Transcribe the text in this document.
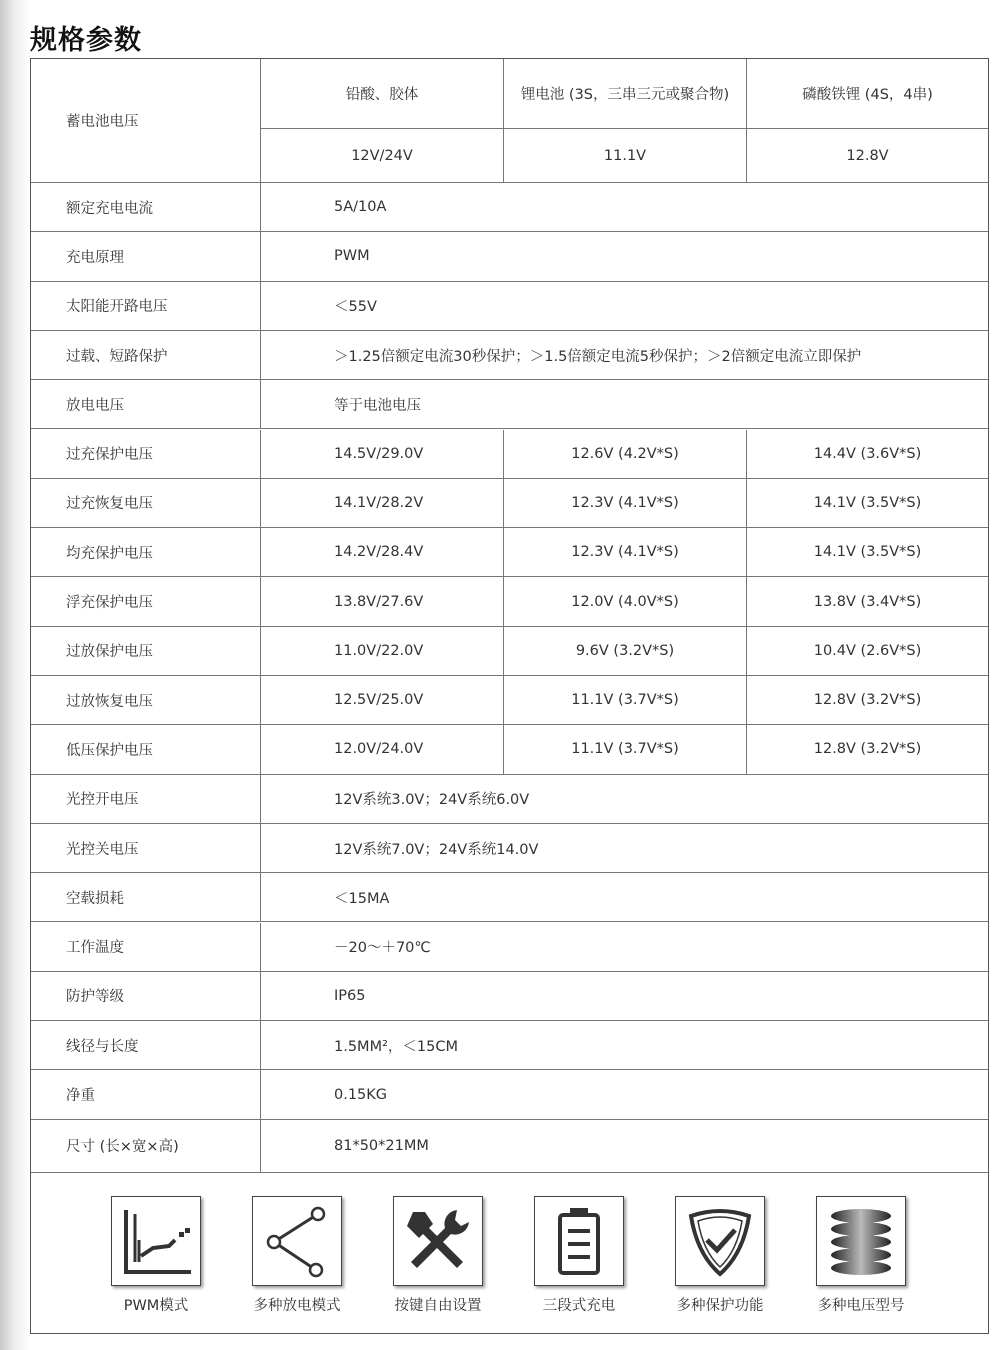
规格参数
蓄电池电压
铅酸、胶体	锂电池 (3S，三串三元或聚合物)	磷酸铁锂 (4S，4串)
12V/24V	11.1V	12.8V
额定充电电流	5A/10A
充电原理	PWM
太阳能开路电压	＜55V
过载、短路保护	＞1.25倍额定电流30秒保护；＞1.5倍额定电流5秒保护；＞2倍额定电流立即保护
放电电压	等于电池电压
过充保护电压	14.5V/29.0V	12.6V (4.2V*S)	14.4V (3.6V*S)
过充恢复电压	14.1V/28.2V	12.3V (4.1V*S)	14.1V (3.5V*S)
均充保护电压	14.2V/28.4V	12.3V (4.1V*S)	14.1V (3.5V*S)
浮充保护电压	13.8V/27.6V	12.0V (4.0V*S)	13.8V (3.4V*S)
过放保护电压	11.0V/22.0V	9.6V (3.2V*S)	10.4V (2.6V*S)
过放恢复电压	12.5V/25.0V	11.1V (3.7V*S)	12.8V (3.2V*S)
低压保护电压	12.0V/24.0V	11.1V (3.7V*S)	12.8V (3.2V*S)
光控开电压	12V系统3.0V；24V系统6.0V
光控关电压	12V系统7.0V；24V系统14.0V
空载损耗	＜15MA
工作温度	－20～＋70℃
防护等级	IP65
线径与长度	1.5MM²，＜15CM
净重	0.15KG
尺寸 (长×宽×高)	81*50*21MM
PWM模式	多种放电模式	按键自由设置	三段式充电	多种保护功能	多种电压型号
